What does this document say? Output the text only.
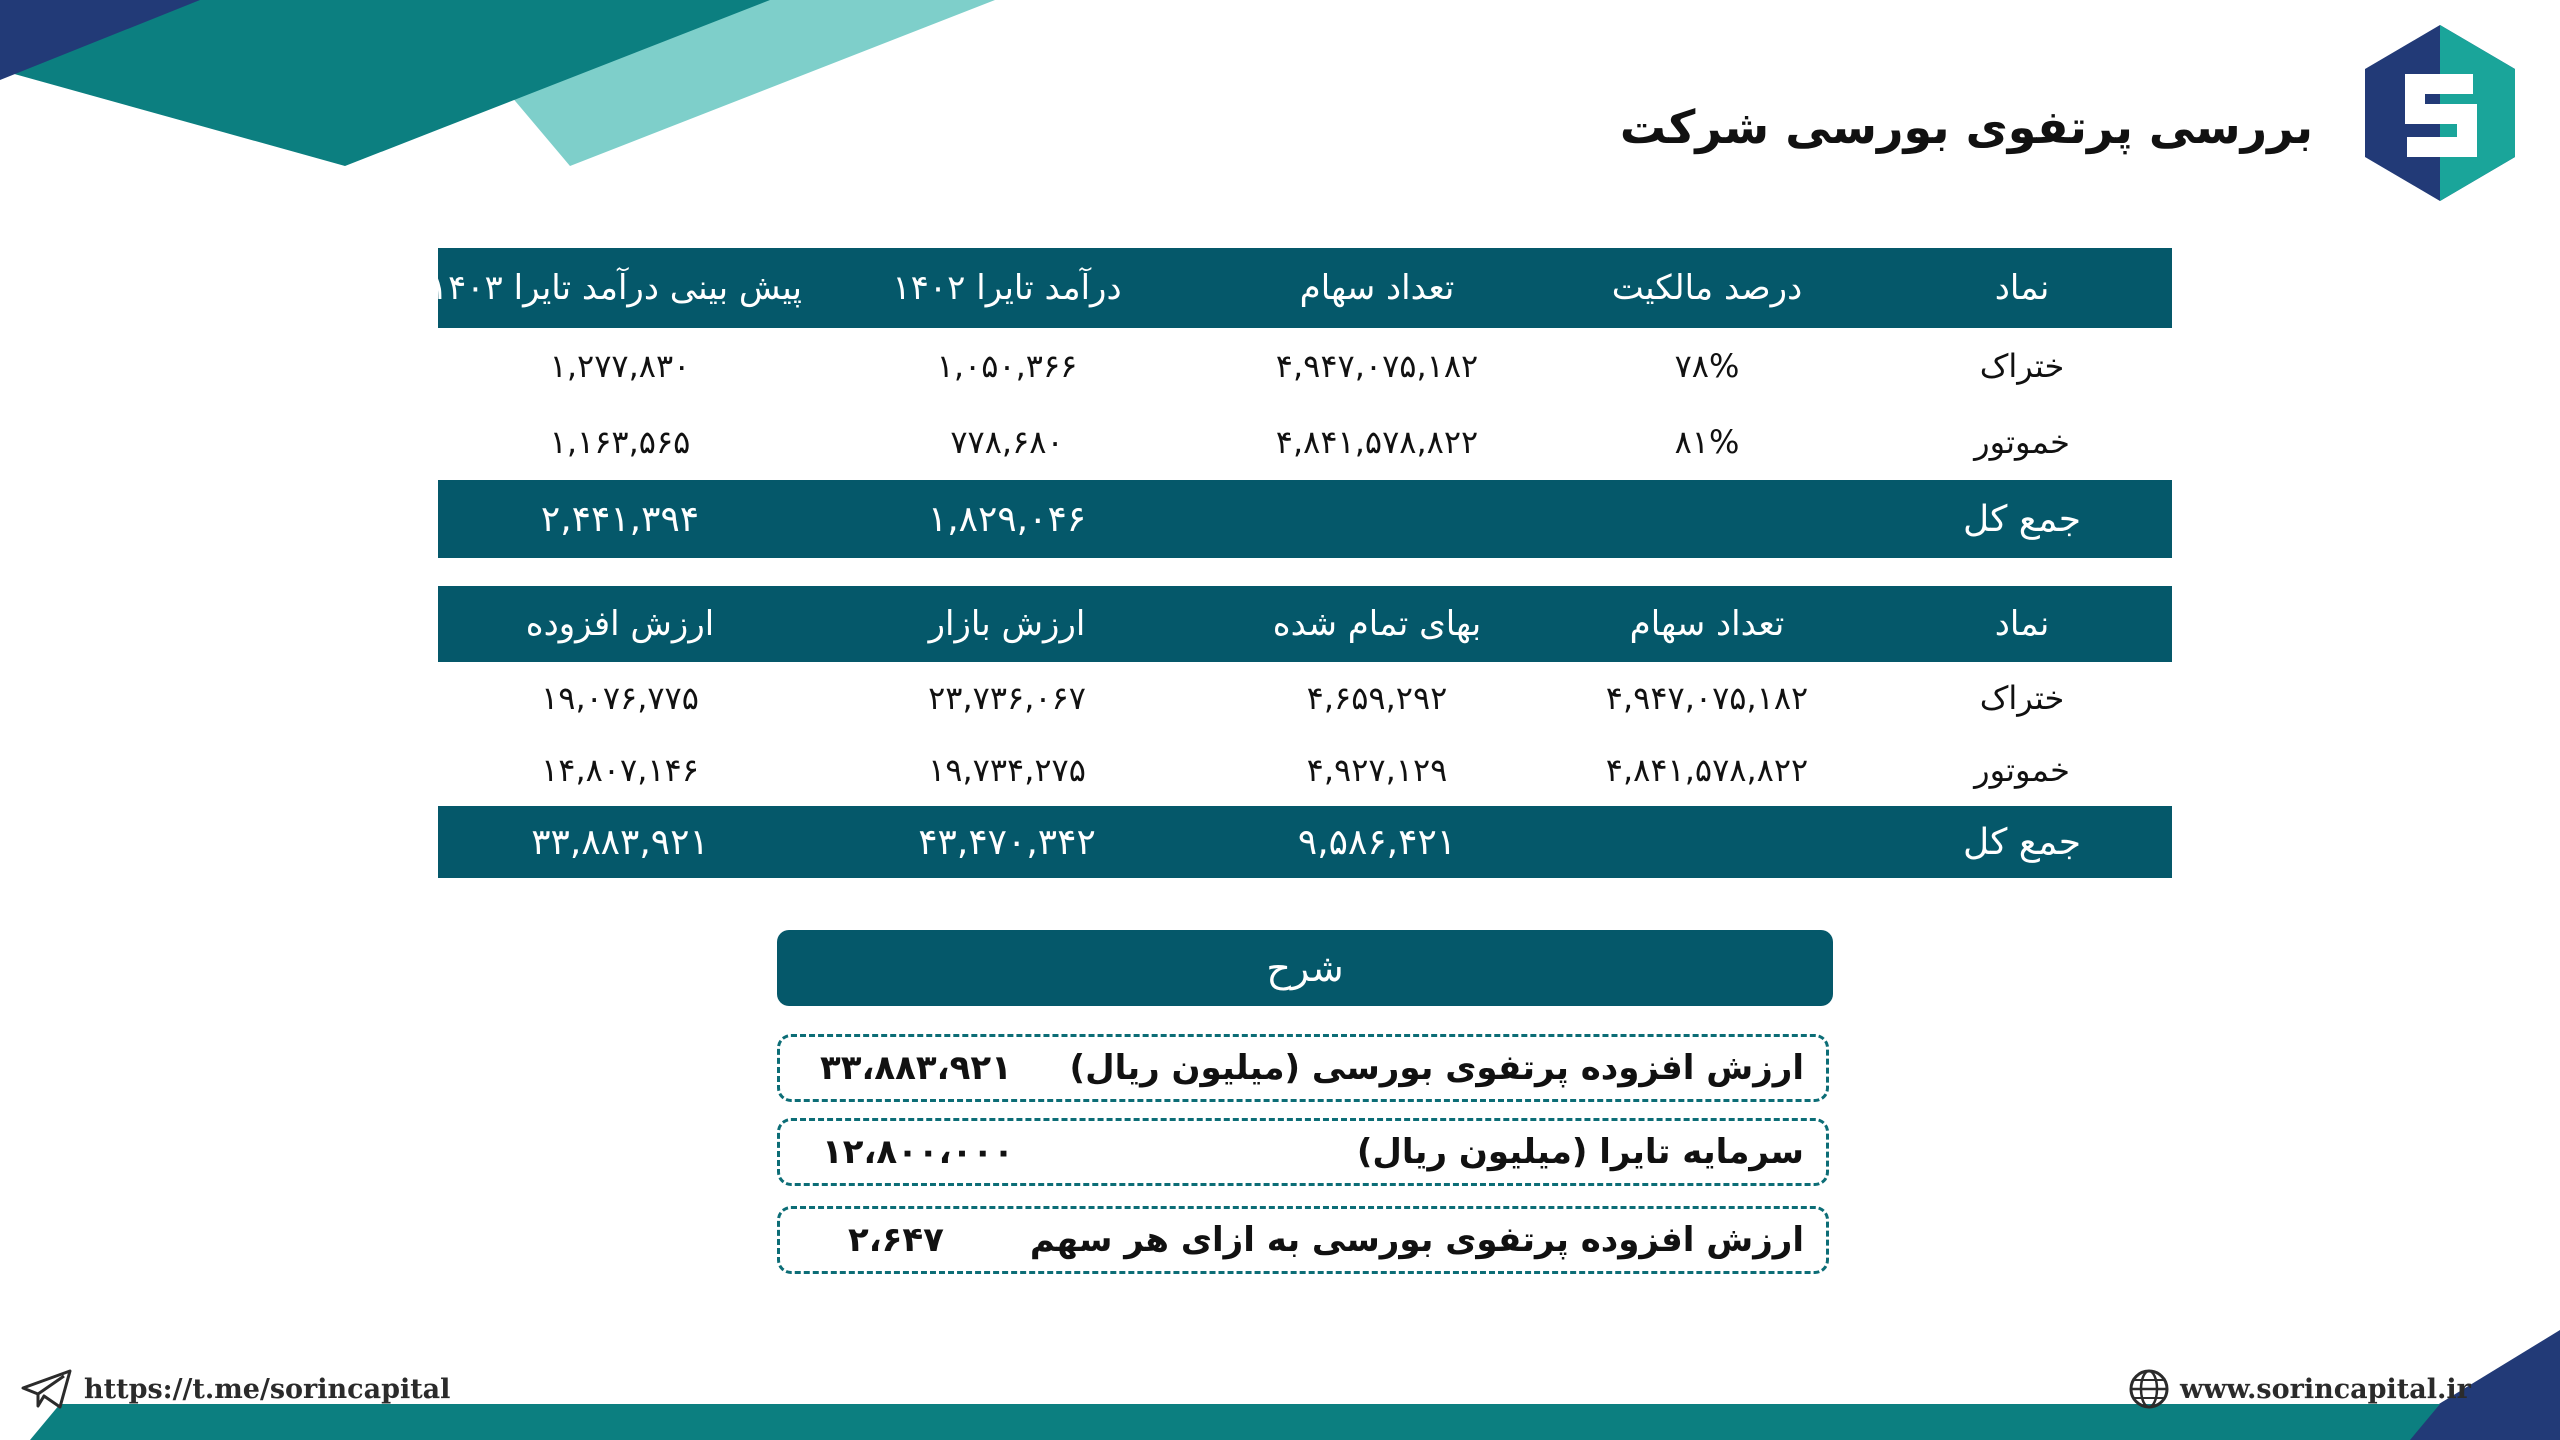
بررسی پرتفوی بورسی شرکت
نماد	درصد مالکیت	تعداد سهام	درآمد تایرا ۱۴۰۲	پیش بینی درآمد تایرا ۱۴۰۳
ختراک	۷۸%	۴,۹۴۷,۰۷۵,۱۸۲	۱,۰۵۰,۳۶۶	۱,۲۷۷,۸۳۰
خموتور	۸۱%	۴,۸۴۱,۵۷۸,۸۲۲	۷۷۸,۶۸۰	۱,۱۶۳,۵۶۵
جمع کل			۱,۸۲۹,۰۴۶	۲,۴۴۱,۳۹۴
نماد	تعداد سهام	بهای تمام شده	ارزش بازار	ارزش افزوده
ختراک	۴,۹۴۷,۰۷۵,۱۸۲	۴,۶۵۹,۲۹۲	۲۳,۷۳۶,۰۶۷	۱۹,۰۷۶,۷۷۵
خموتور	۴,۸۴۱,۵۷۸,۸۲۲	۴,۹۲۷,۱۲۹	۱۹,۷۳۴,۲۷۵	۱۴,۸۰۷,۱۴۶
جمع کل		۹,۵۸۶,۴۲۱	۴۳,۴۷۰,۳۴۲	۳۳,۸۸۳,۹۲۱
شرح
ارزش افزوده پرتفوی بورسی (میلیون ریال)
۳۳،۸۸۳،۹۲۱
سرمایه تایرا (میلیون ریال)
۱۲،۸۰۰،۰۰۰
ارزش افزوده پرتفوی بورسی به ازای هر سهم
۲،۶۴۷
https://t.me/sorincapital	www.sorincapital.ir
